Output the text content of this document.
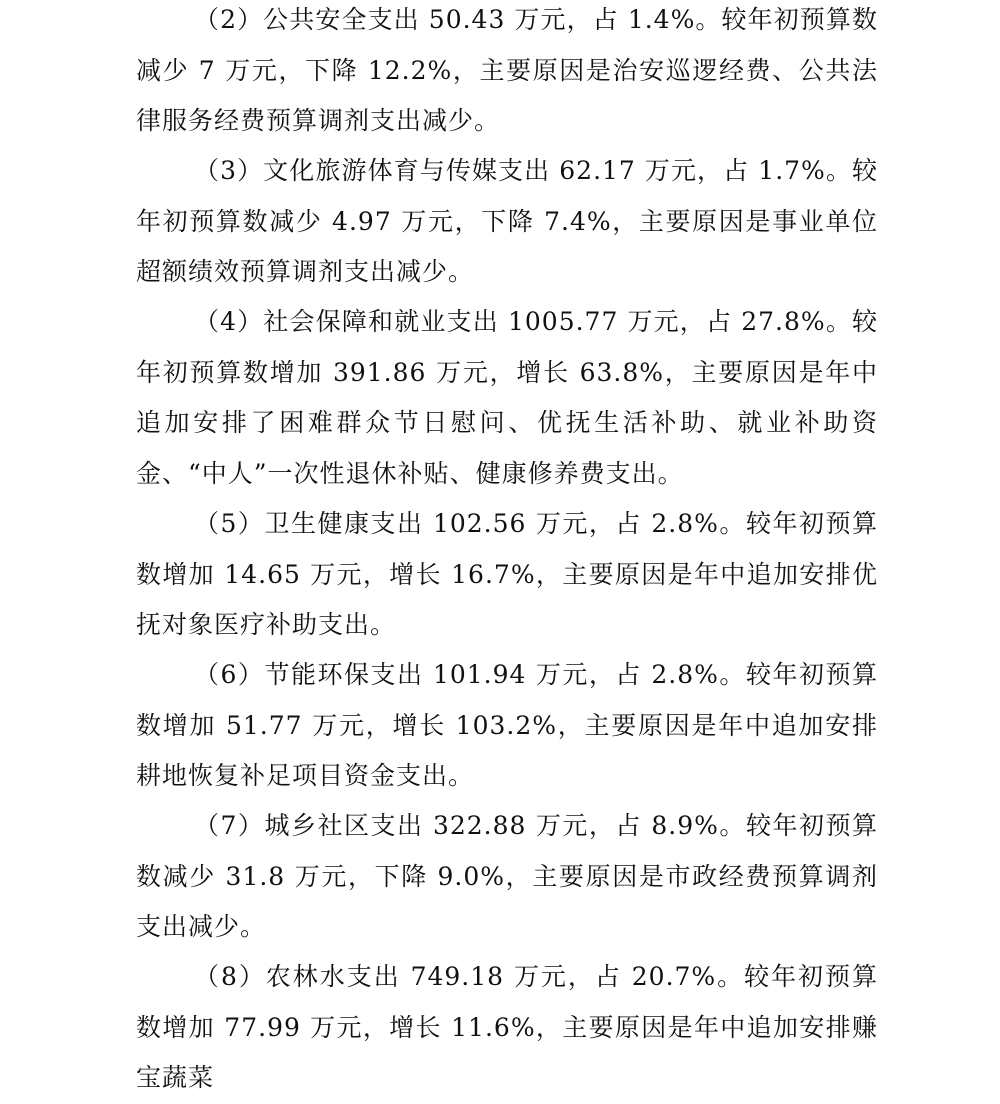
（2）公共安全支出 50.43 万元，占 1.4%。较年初预算数减少 7 万元，下降 12.2%，主要原因是治安巡逻经费、公共法律服务经费预算调剂支出减少。

（3）文化旅游体育与传媒支出 62.17 万元，占 1.7%。较年初预算数减少 4.97 万元，下降 7.4%，主要原因是事业单位超额绩效预算调剂支出减少。

（4）社会保障和就业支出 1005.77 万元，占 27.8%。较年初预算数增加 391.86 万元，增长 63.8%，主要原因是年中追加安排了困难群众节日慰问、优抚生活补助、就业补助资金、“中人”一次性退休补贴、健康修养费支出。

（5）卫生健康支出 102.56 万元，占 2.8%。较年初预算数增加 14.65 万元，增长 16.7%，主要原因是年中追加安排优抚对象医疗补助支出。

（6）节能环保支出 101.94 万元，占 2.8%。较年初预算数增加 51.77 万元，增长 103.2%，主要原因是年中追加安排耕地恢复补足项目资金支出。

（7）城乡社区支出 322.88 万元，占 8.9%。较年初预算数减少 31.8 万元，下降 9.0%，主要原因是市政经费预算调剂支出减少。

（8）农林水支出 749.18 万元，占 20.7%。较年初预算数增加 77.99 万元，增长 11.6%，主要原因是年中追加安排赚宝蔬菜
